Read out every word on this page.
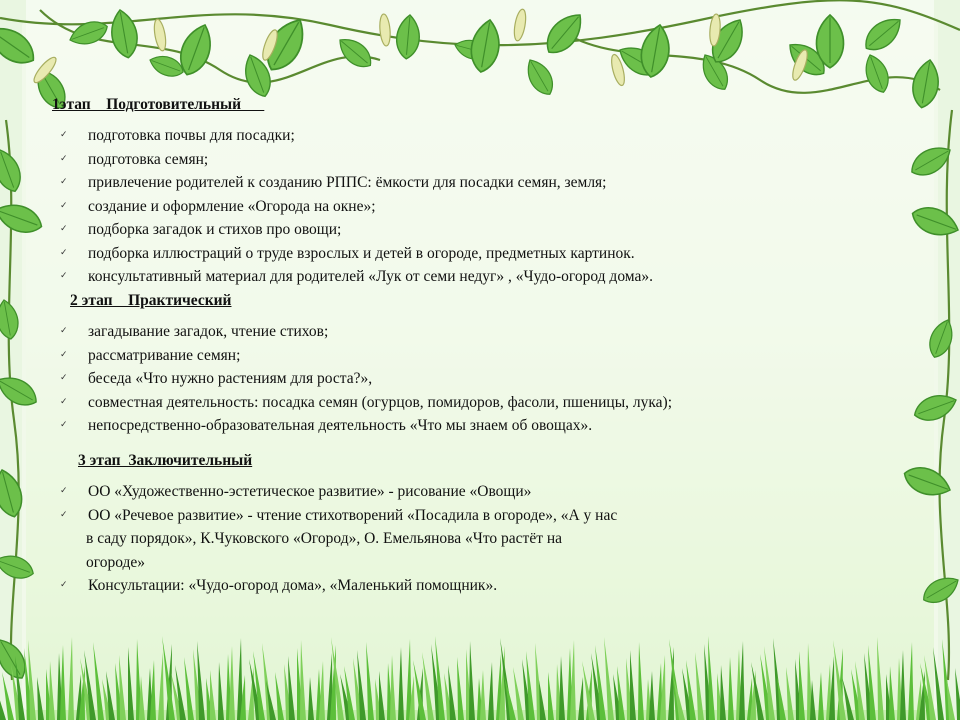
1этап    Подготовительный
✓ подготовка почвы для посадки;
✓ подготовка семян;
✓ привлечение родителей к созданию РППС: ёмкости для посадки семян, земля;
✓ создание и оформление «Огорода на окне»;
✓ подборка загадок и стихов про овощи;
✓ подборка иллюстраций о труде взрослых и детей в огороде, предметных картинок.
✓ консультативный материал для родителей «Лук от семи недуг» , «Чудо-огород дома».
2 этап    Практический
✓ загадывание загадок, чтение стихов;
✓ рассматривание семян;
✓ беседа «Что нужно растениям для роста?»,
✓ совместная деятельность: посадка семян (огурцов, помидоров, фасоли, пшеницы, лука);
✓ непосредственно-образовательная деятельность «Что мы знаем об овощах».
3 этап  Заключительный
✓ ОО «Художественно-эстетическое развитие» - рисование «Овощи»
✓ ОО «Речевое развитие» - чтение стихотворений «Посадила в огороде», «А у нас
в саду порядок», К.Чуковского «Огород», О. Емельянова «Что растёт на
огороде»
✓ Консультации: «Чудо-огород дома», «Маленький помощник».
